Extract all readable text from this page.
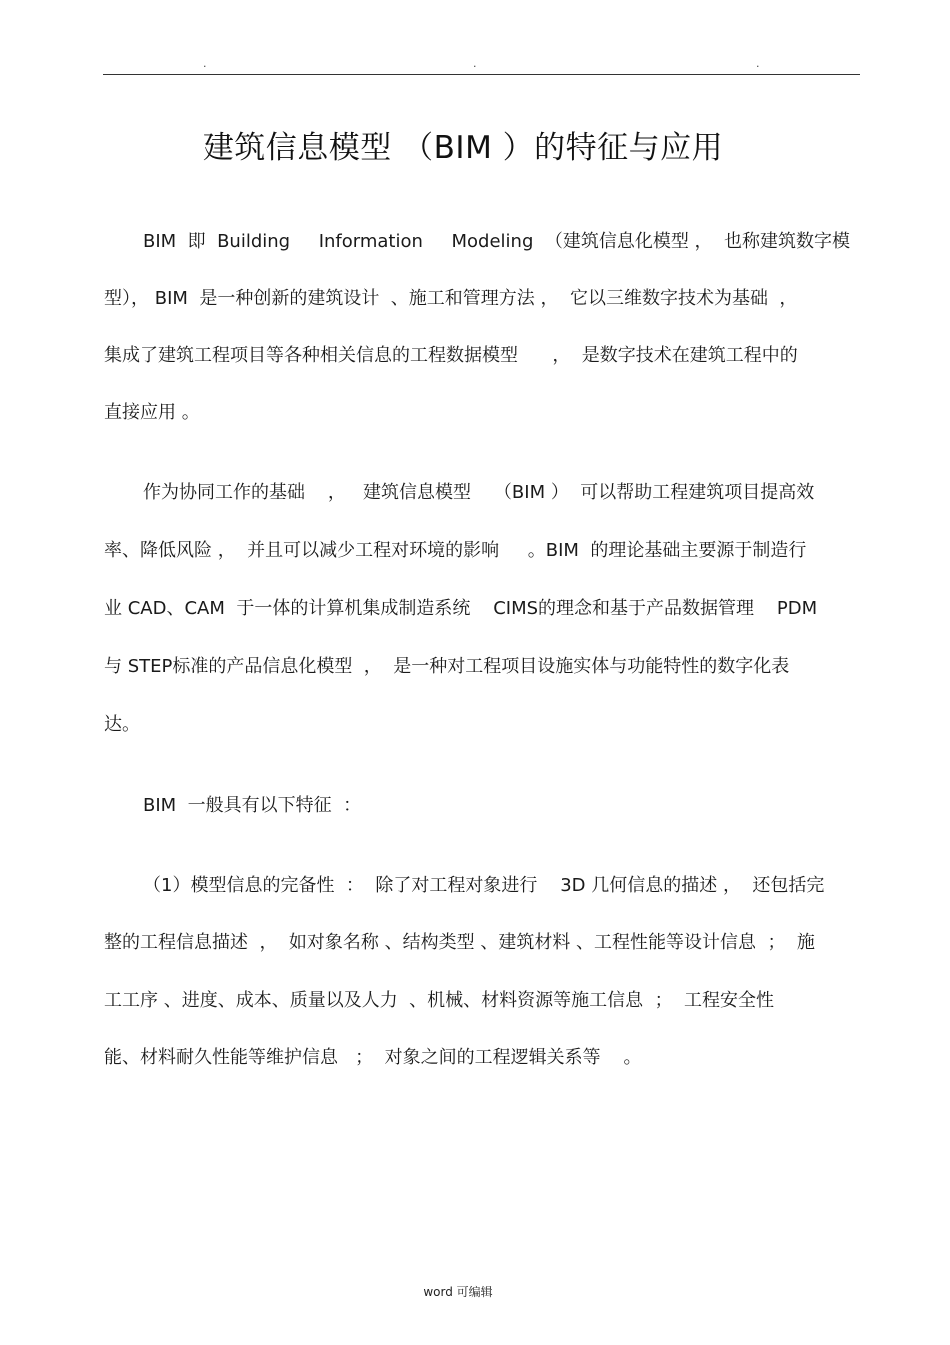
.	.	.
建筑信息模型 （BIM ）的特征与应用
BIM  即  Building     Information     Modeling  （建筑信息化模型 ，  也称建筑数字模
型）， BIM  是一种创新的建筑设计  、施工和管理方法 ，  它以三维数字技术为基础  ，
集成了建筑工程项目等各种相关信息的工程数据模型      ，  是数字技术在建筑工程中的
直接应用 。
作为协同工作的基础    ，   建筑信息模型    （BIM ）  可以帮助工程建筑项目提高效
率、降低风险 ，  并且可以减少工程对环境的影响     。BIM  的理论基础主要源于制造行
业 CAD、CAM  于一体的计算机集成制造系统    CIMS的理念和基于产品数据管理    PDM
与 STEP标准的产品信息化模型  ，  是一种对工程项目设施实体与功能特性的数字化表
达。
BIM  一般具有以下特征  ：
（1）模型信息的完备性  ：  除了对工程对象进行    3D 几何信息的描述 ，  还包括完
整的工程信息描述  ，  如对象名称 、结构类型 、建筑材料 、工程性能等设计信息  ；  施
工工序 、进度、成本、质量以及人力  、机械、材料资源等施工信息  ；  工程安全性
能、材料耐久性能等维护信息   ；  对象之间的工程逻辑关系等    。
word 可编辑
